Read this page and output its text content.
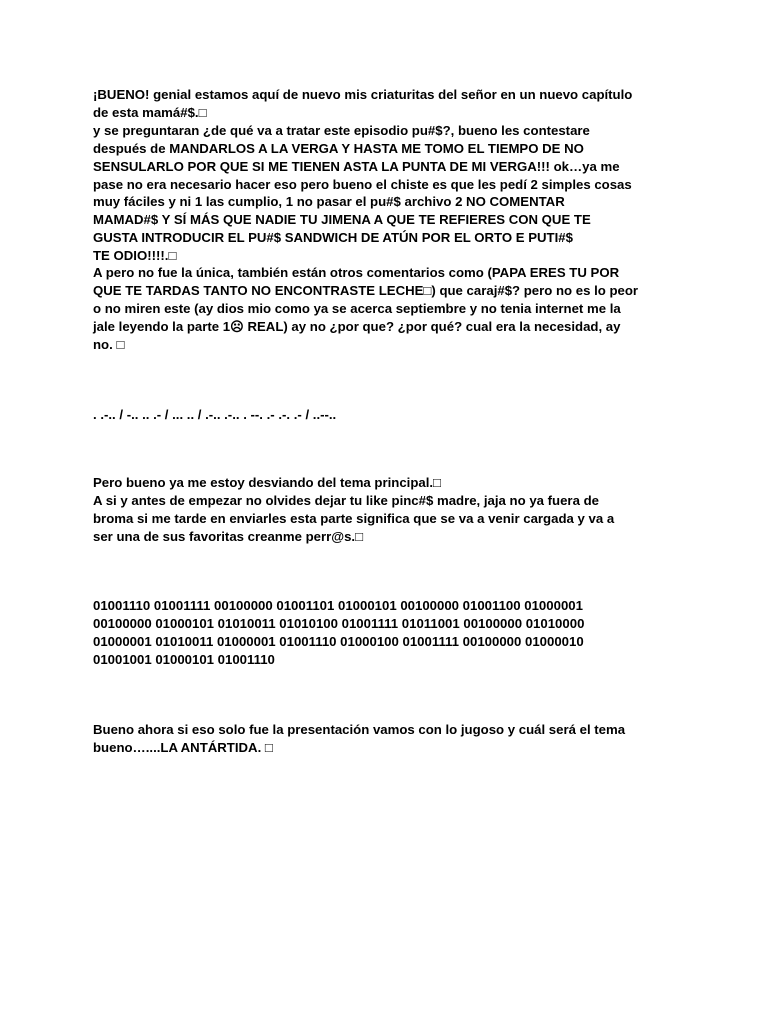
¡BUENO! genial estamos aquí de nuevo mis criaturitas del señor en un nuevo capítulo
de esta mamá#$.□
y se preguntaran ¿de qué va a tratar este episodio pu#$?, bueno les contestare
después de MANDARLOS A LA VERGA Y HASTA ME TOMO EL TIEMPO DE NO
SENSULARLO POR QUE SI ME TIENEN ASTA LA PUNTA DE MI VERGA!!! ok…ya me
pase no era necesario hacer eso pero bueno el chiste es que les pedí 2 simples cosas
muy fáciles y ni 1 las cumplio, 1 no pasar el pu#$ archivo 2 NO COMENTAR
MAMAD#$ Y SÍ MÁS QUE NADIE TU JIMENA A QUE TE REFIERES CON QUE TE
GUSTA INTRODUCIR EL PU#$ SANDWICH DE ATÚN POR EL ORTO E PUTI#$
TE ODIO!!!!.□

A pero no fue la única, también están otros comentarios como (PAPA ERES TU POR
QUE TE TARDAS TANTO NO ENCONTRASTE LECHE□) que caraj#$? pero no es lo peor
o no miren este (ay dios mio como ya se acerca septiembre y no tenia internet me la
jale leyendo la parte 1☹ REAL) ay no ¿por que? ¿por qué? cual era la necesidad, ay
no. □

. .-.. / -.. .. .- / ... .. / .-.. .-.. . --. .- .-. .- / ..--..

Pero bueno ya me estoy desviando del tema principal.□
A si y antes de empezar no olvides dejar tu like pinc#$ madre, jaja no ya fuera de
broma si me tarde en enviarles esta parte significa que se va a venir cargada y va a
ser una de sus favoritas creanme perr@s.□

01001110 01001111 00100000 01001101 01000101 00100000 01001100 01000001
00100000 01000101 01010011 01010100 01001111 01011001 00100000 01010000
01000001 01010011 01000001 01001110 01000100 01001111 00100000 01000010
01001001 01000101 01001110

Bueno ahora si eso solo fue la presentación vamos con lo jugoso y cuál será el tema
bueno…....LA ANTÁRTIDA. □
